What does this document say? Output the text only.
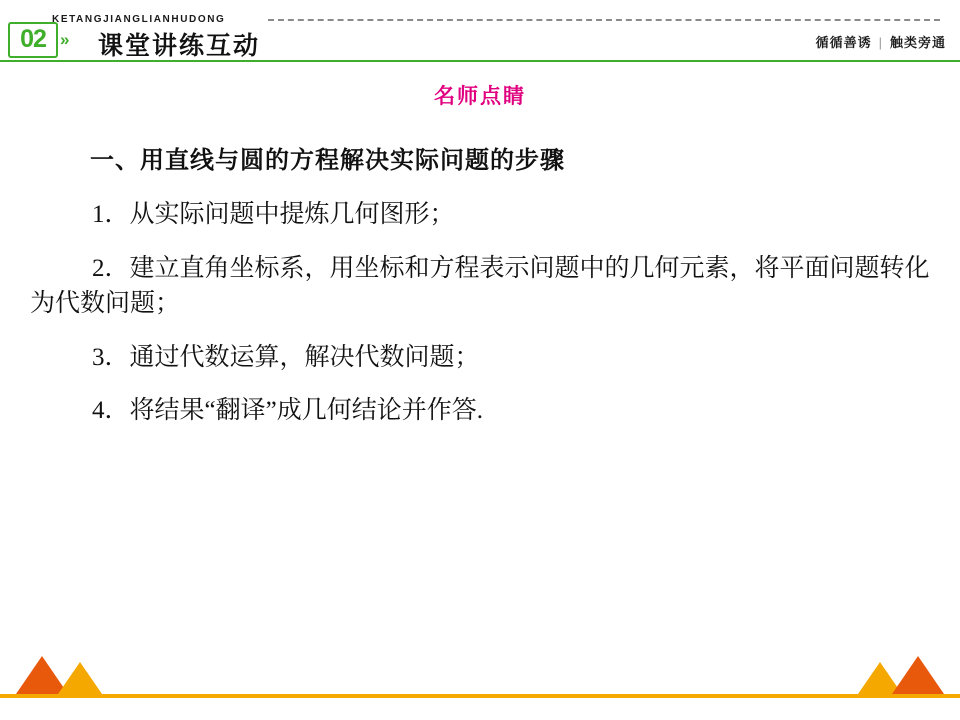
KETANGJIANGLIANHUDONG
02 » 课堂讲练互动	循循善诱 | 触类旁通
名师点睛
一、用直线与圆的方程解决实际问题的步骤

1．从实际问题中提炼几何图形；

2．建立直角坐标系，用坐标和方程表示问题中的几何元素，将平面问题转化为代数问题；

3．通过代数运算，解决代数问题；

4．将结果“翻译”成几何结论并作答.
